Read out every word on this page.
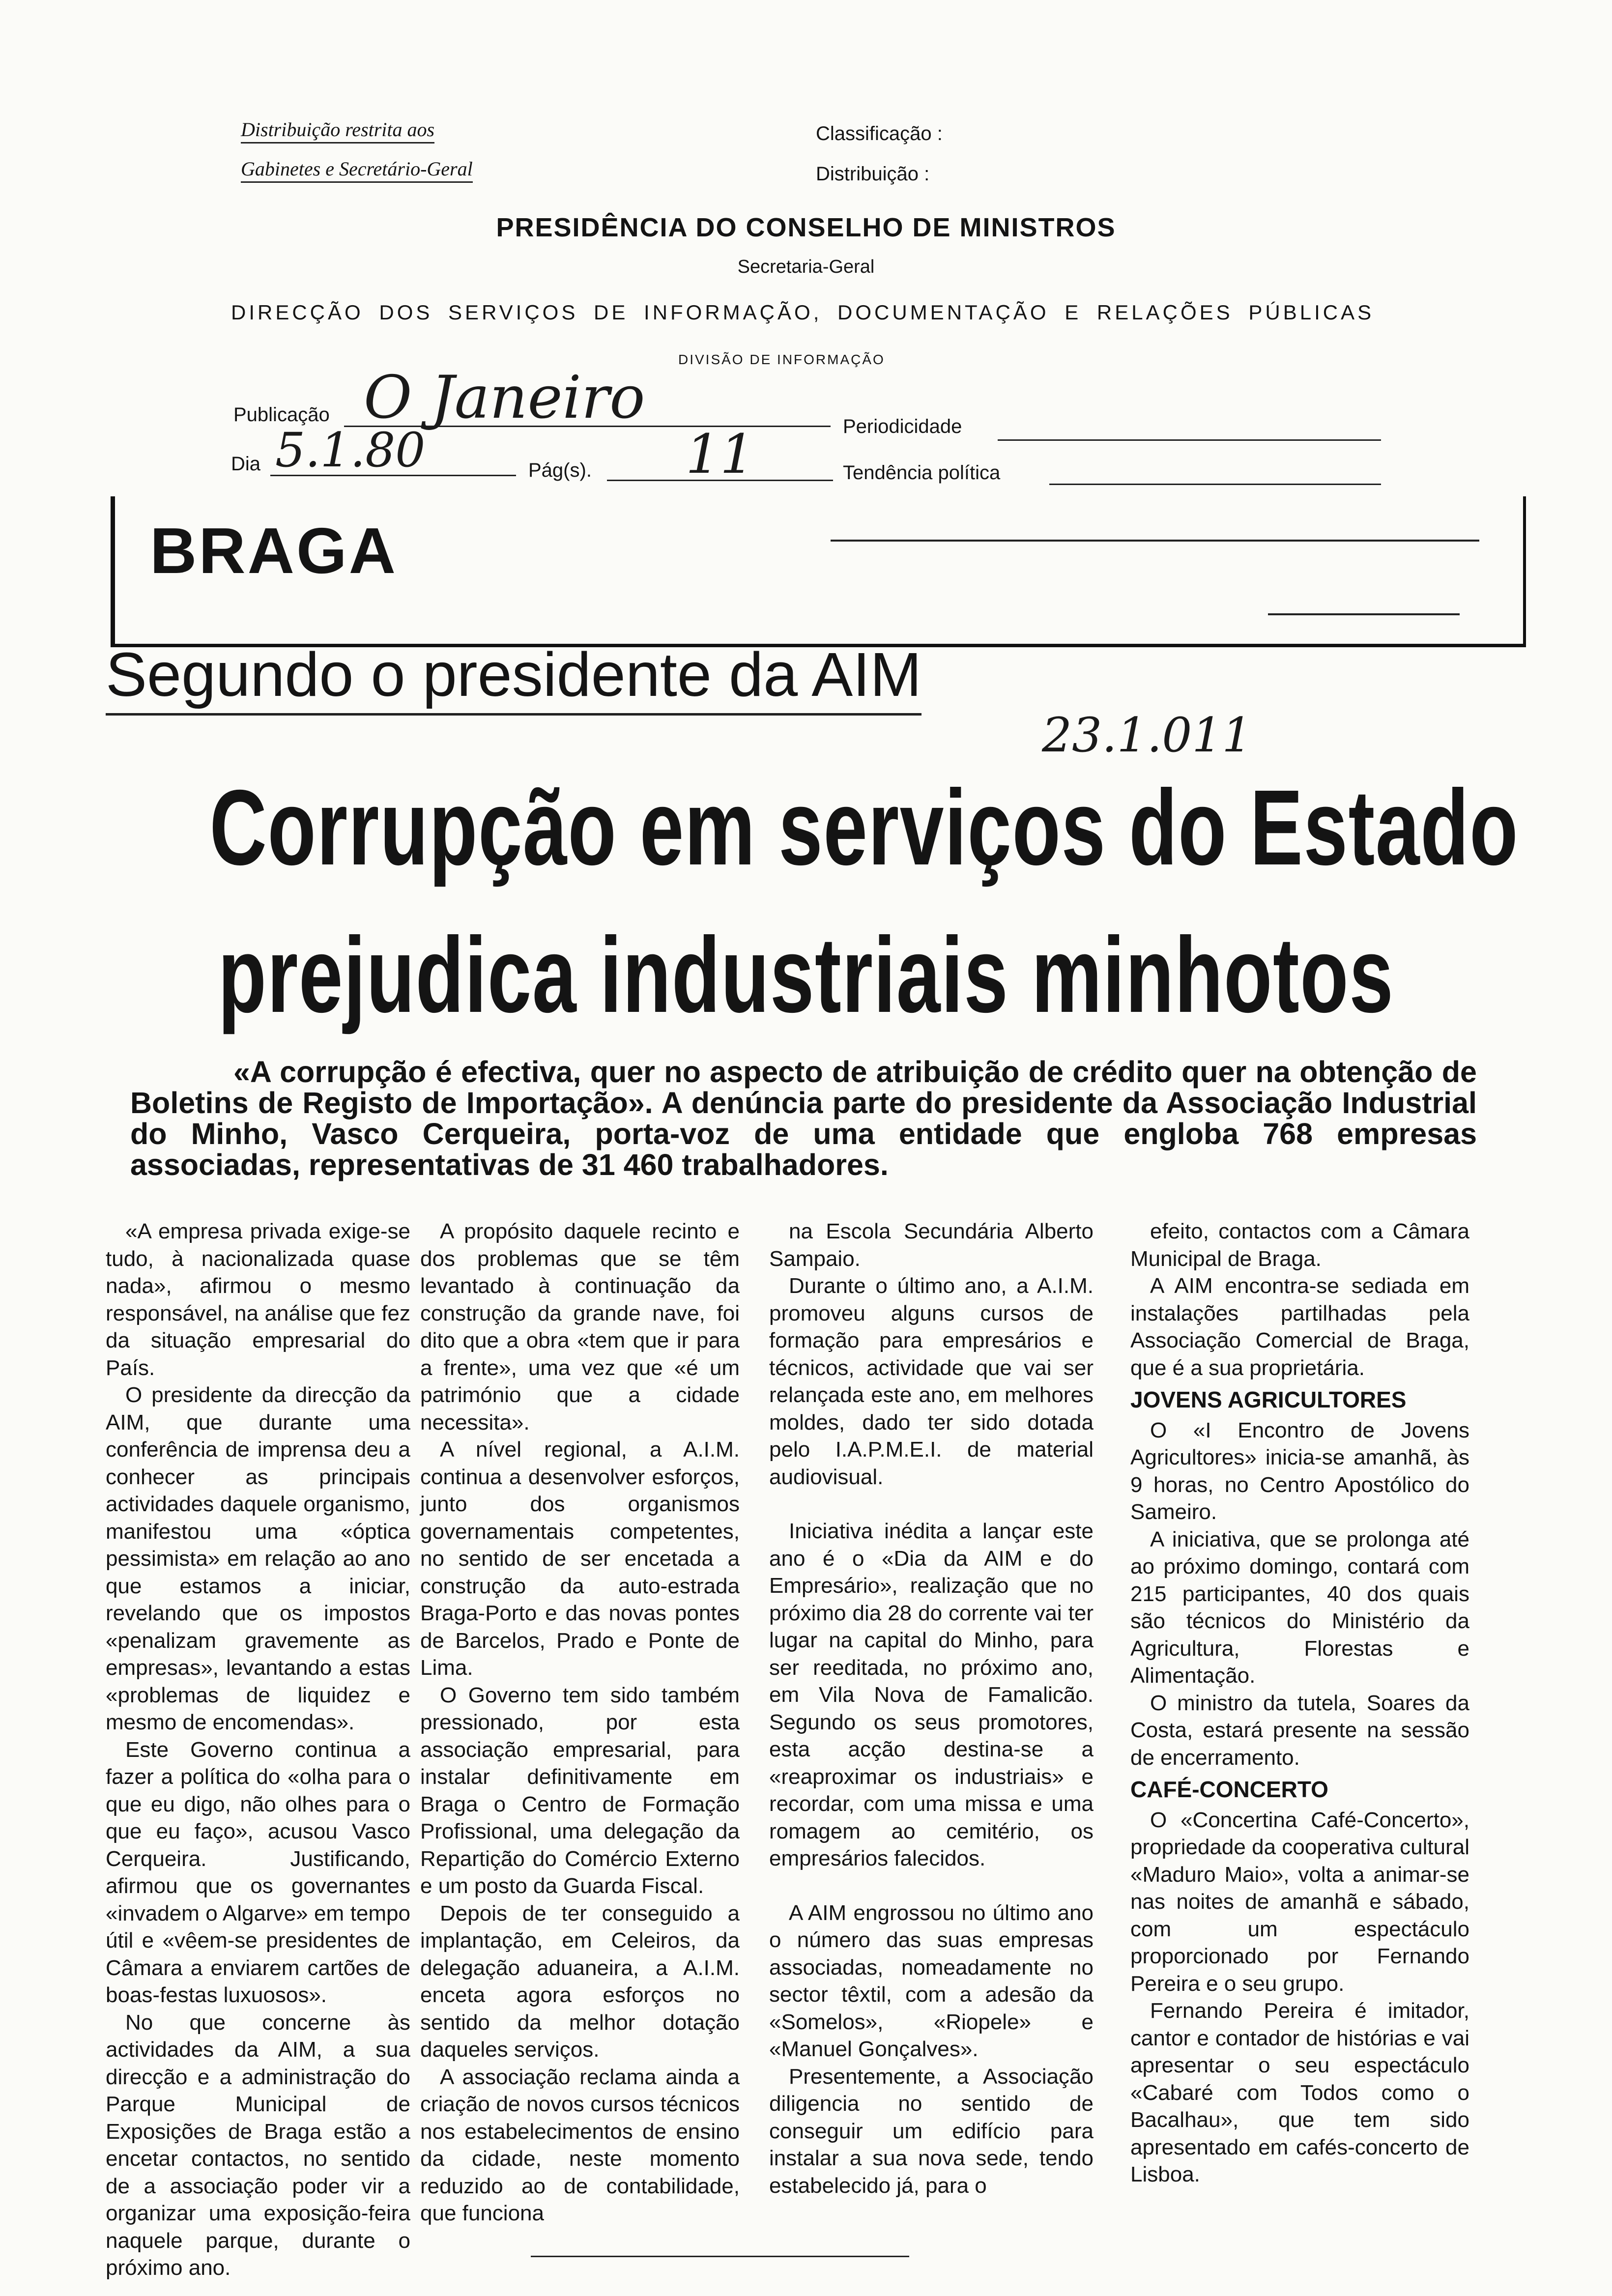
Distribuição restrita aos
Gabinetes e Secretário-Geral
Classificação :
Distribuição :
PRESIDÊNCIA DO CONSELHO DE MINISTROS
Secretaria-Geral
DIRECÇÃO DOS SERVIÇOS DE INFORMAÇÃO, DOCUMENTAÇÃO E RELAÇÕES PÚBLICAS
DIVISÃO DE INFORMAÇÃO
Publicação O Janeiro	Periodicidade
Dia 5.1.80	Pág(s). 11	Tendência política
BRAGA
Segundo o presidente da AIM
23.1.011
Corrupção em serviços do Estado
prejudica industriais minhotos

«A corrupção é efectiva, quer no aspecto de atribuição de crédito quer na obtenção de Boletins de Registo de Importação». A denúncia parte do presidente da Associação Industrial do Minho, Vasco Cerqueira, porta-voz de uma entidade que engloba 768 empresas associadas, representativas de 31 460 trabalhadores.

«A empresa privada exige-se tudo, à nacionalizada quase nada», afirmou o mesmo responsável, na análise que fez da situação empresarial do País.

O presidente da direcção da AIM, que durante uma conferência de imprensa deu a conhecer as principais actividades daquele organismo, manifestou uma «óptica pessimista» em relação ao ano que estamos a iniciar, revelando que os impostos «penalizam gravemente as empresas», levantando a estas «problemas de liquidez e mesmo de encomendas».

Este Governo continua a fazer a política do «olha para o que eu digo, não olhes para o que eu faço», acusou Vasco Cerqueira. Justificando, afirmou que os governantes «invadem o Algarve» em tempo útil e «vêem-se presidentes de Câmara a enviarem cartões de boas-festas luxuosos».

No que concerne às actividades da AIM, a sua direcção e a administração do Parque Municipal de Exposições de Braga estão a encetar contactos, no sentido de a associação poder vir a organizar uma exposição-feira naquele parque, durante o próximo ano.

A propósito daquele recinto e dos problemas que se têm levantado à continuação da construção da grande nave, foi dito que a obra «tem que ir para a frente», uma vez que «é um património que a cidade necessita».

A nível regional, a A.I.M. continua a desenvolver esforços, junto dos organismos governamentais competentes, no sentido de ser encetada a construção da auto-estrada Braga-Porto e das novas pontes de Barcelos, Prado e Ponte de Lima.

O Governo tem sido também pressionado, por esta associação empresarial, para instalar definitivamente em Braga o Centro de Formação Profissional, uma delegação da Repartição do Comércio Externo e um posto da Guarda Fiscal.

Depois de ter conseguido a implantação, em Celeiros, da delegação aduaneira, a A.I.M. enceta agora esforços no sentido da melhor dotação daqueles serviços.

A associação reclama ainda a criação de novos cursos técnicos nos estabelecimentos de ensino da cidade, neste momento reduzido ao de contabilidade, que funciona

na Escola Secundária Alberto Sampaio.

Durante o último ano, a A.I.M. promoveu alguns cursos de formação para empresários e técnicos, actividade que vai ser relançada este ano, em melhores moldes, dado ter sido dotada pelo I.A.P.M.E.I. de material audiovisual.

Iniciativa inédita a lançar este ano é o «Dia da AIM e do Empresário», realização que no próximo dia 28 do corrente vai ter lugar na capital do Minho, para ser reeditada, no próximo ano, em Vila Nova de Famalicão. Segundo os seus promotores, esta acção destina-se a «reaproximar os industriais» e recordar, com uma missa e uma romagem ao cemitério, os empresários falecidos.

A AIM engrossou no último ano o número das suas empresas associadas, nomeadamente no sector têxtil, com a adesão da «Somelos», «Riopele» e «Manuel Gonçalves».

Presentemente, a Associação diligencia no sentido de conseguir um edifício para instalar a sua nova sede, tendo estabelecido já, para o

efeito, contactos com a Câmara Municipal de Braga.

A AIM encontra-se sediada em instalações partilhadas pela Associação Comercial de Braga, que é a sua proprietária.

JOVENS AGRICULTORES

O «I Encontro de Jovens Agricultores» inicia-se amanhã, às 9 horas, no Centro Apostólico do Sameiro.

A iniciativa, que se prolonga até ao próximo domingo, contará com 215 participantes, 40 dos quais são técnicos do Ministério da Agricultura, Florestas e Alimentação.

O ministro da tutela, Soares da Costa, estará presente na sessão de encerramento.

CAFÉ-CONCERTO

O «Concertina Café-Concerto», propriedade da cooperativa cultural «Maduro Maio», volta a animar-se nas noites de amanhã e sábado, com um espectáculo proporcionado por Fernando Pereira e o seu grupo.

Fernando Pereira é imitador, cantor e contador de histórias e vai apresentar o seu espectáculo «Cabaré com Todos como o Bacalhau», que tem sido apresentado em cafés-concerto de Lisboa.
